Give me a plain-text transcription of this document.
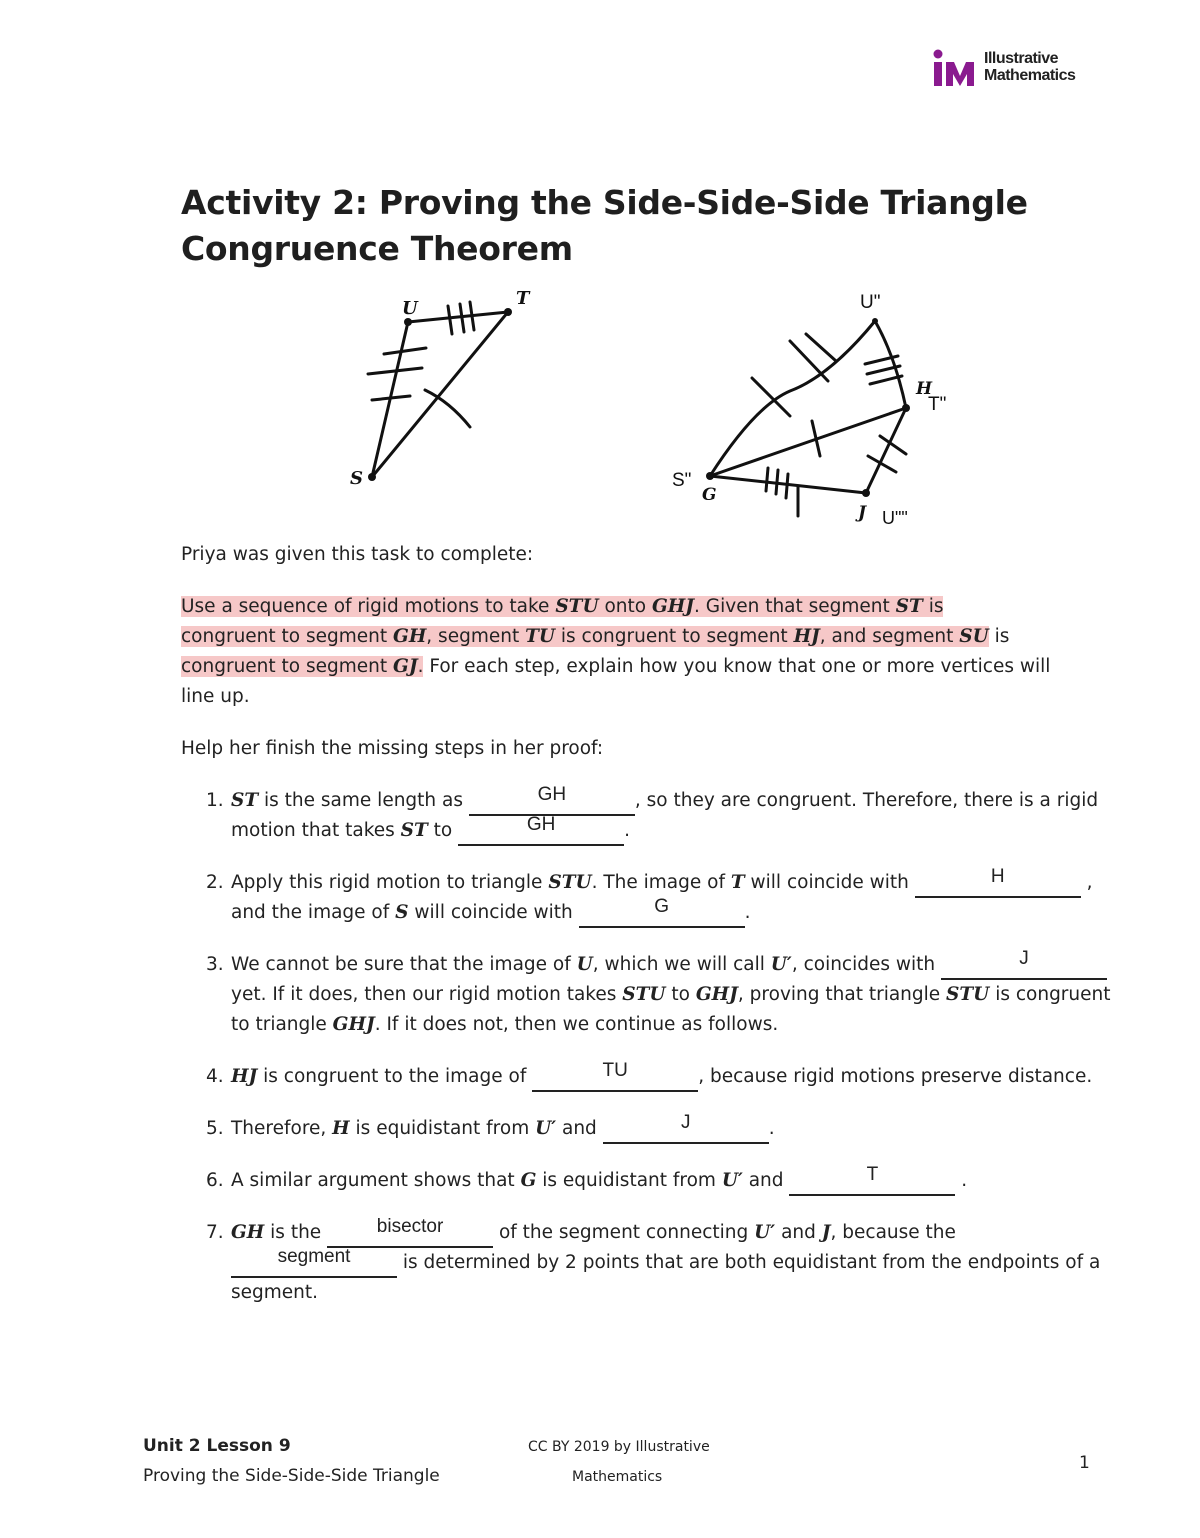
Illustrative
Mathematics
Activity 2: Proving the Side-Side-Side Triangle Congruence Theorem
U	T
S
U"
H
T"
S"
G
J U""

Priya was given this task to complete:

Use a sequence of rigid motions to take STU onto GHJ. Given that segment ST is
congruent to segment GH, segment TU is congruent to segment HJ, and segment SU is
congruent to segment GJ. For each step, explain how you know that one or more vertices will line up.

Help her finish the missing steps in her proof:

1. ST is the same length as	GH	, so they are congruent. Therefore, there is a rigid motion that takes ST to	GH	.
2. Apply this rigid motion to triangle STU. The image of T will coincide with	H	, and the image of S will coincide with	G	.
3. We cannot be sure that the image of U, which we will call U′, coincides with	J yet. If it does, then our rigid motion takes STU to GHJ, proving that triangle STU is congruent to triangle GHJ. If it does not, then we continue as follows.
4. HJ is congruent to the image of	TU	, because rigid motions preserve distance.
5. Therefore, H is equidistant from U′ and	J	.
6. A similar argument shows that G is equidistant from U′ and	T	.
7. GH is the	bisector	of the segment connecting U′ and J, because the segment	is determined by 2 points that are both equidistant from the endpoints of a segment.
Unit 2 Lesson 9
Proving the Side-Side-Side Triangle
CC BY 2019 by Illustrative
Mathematics
1
